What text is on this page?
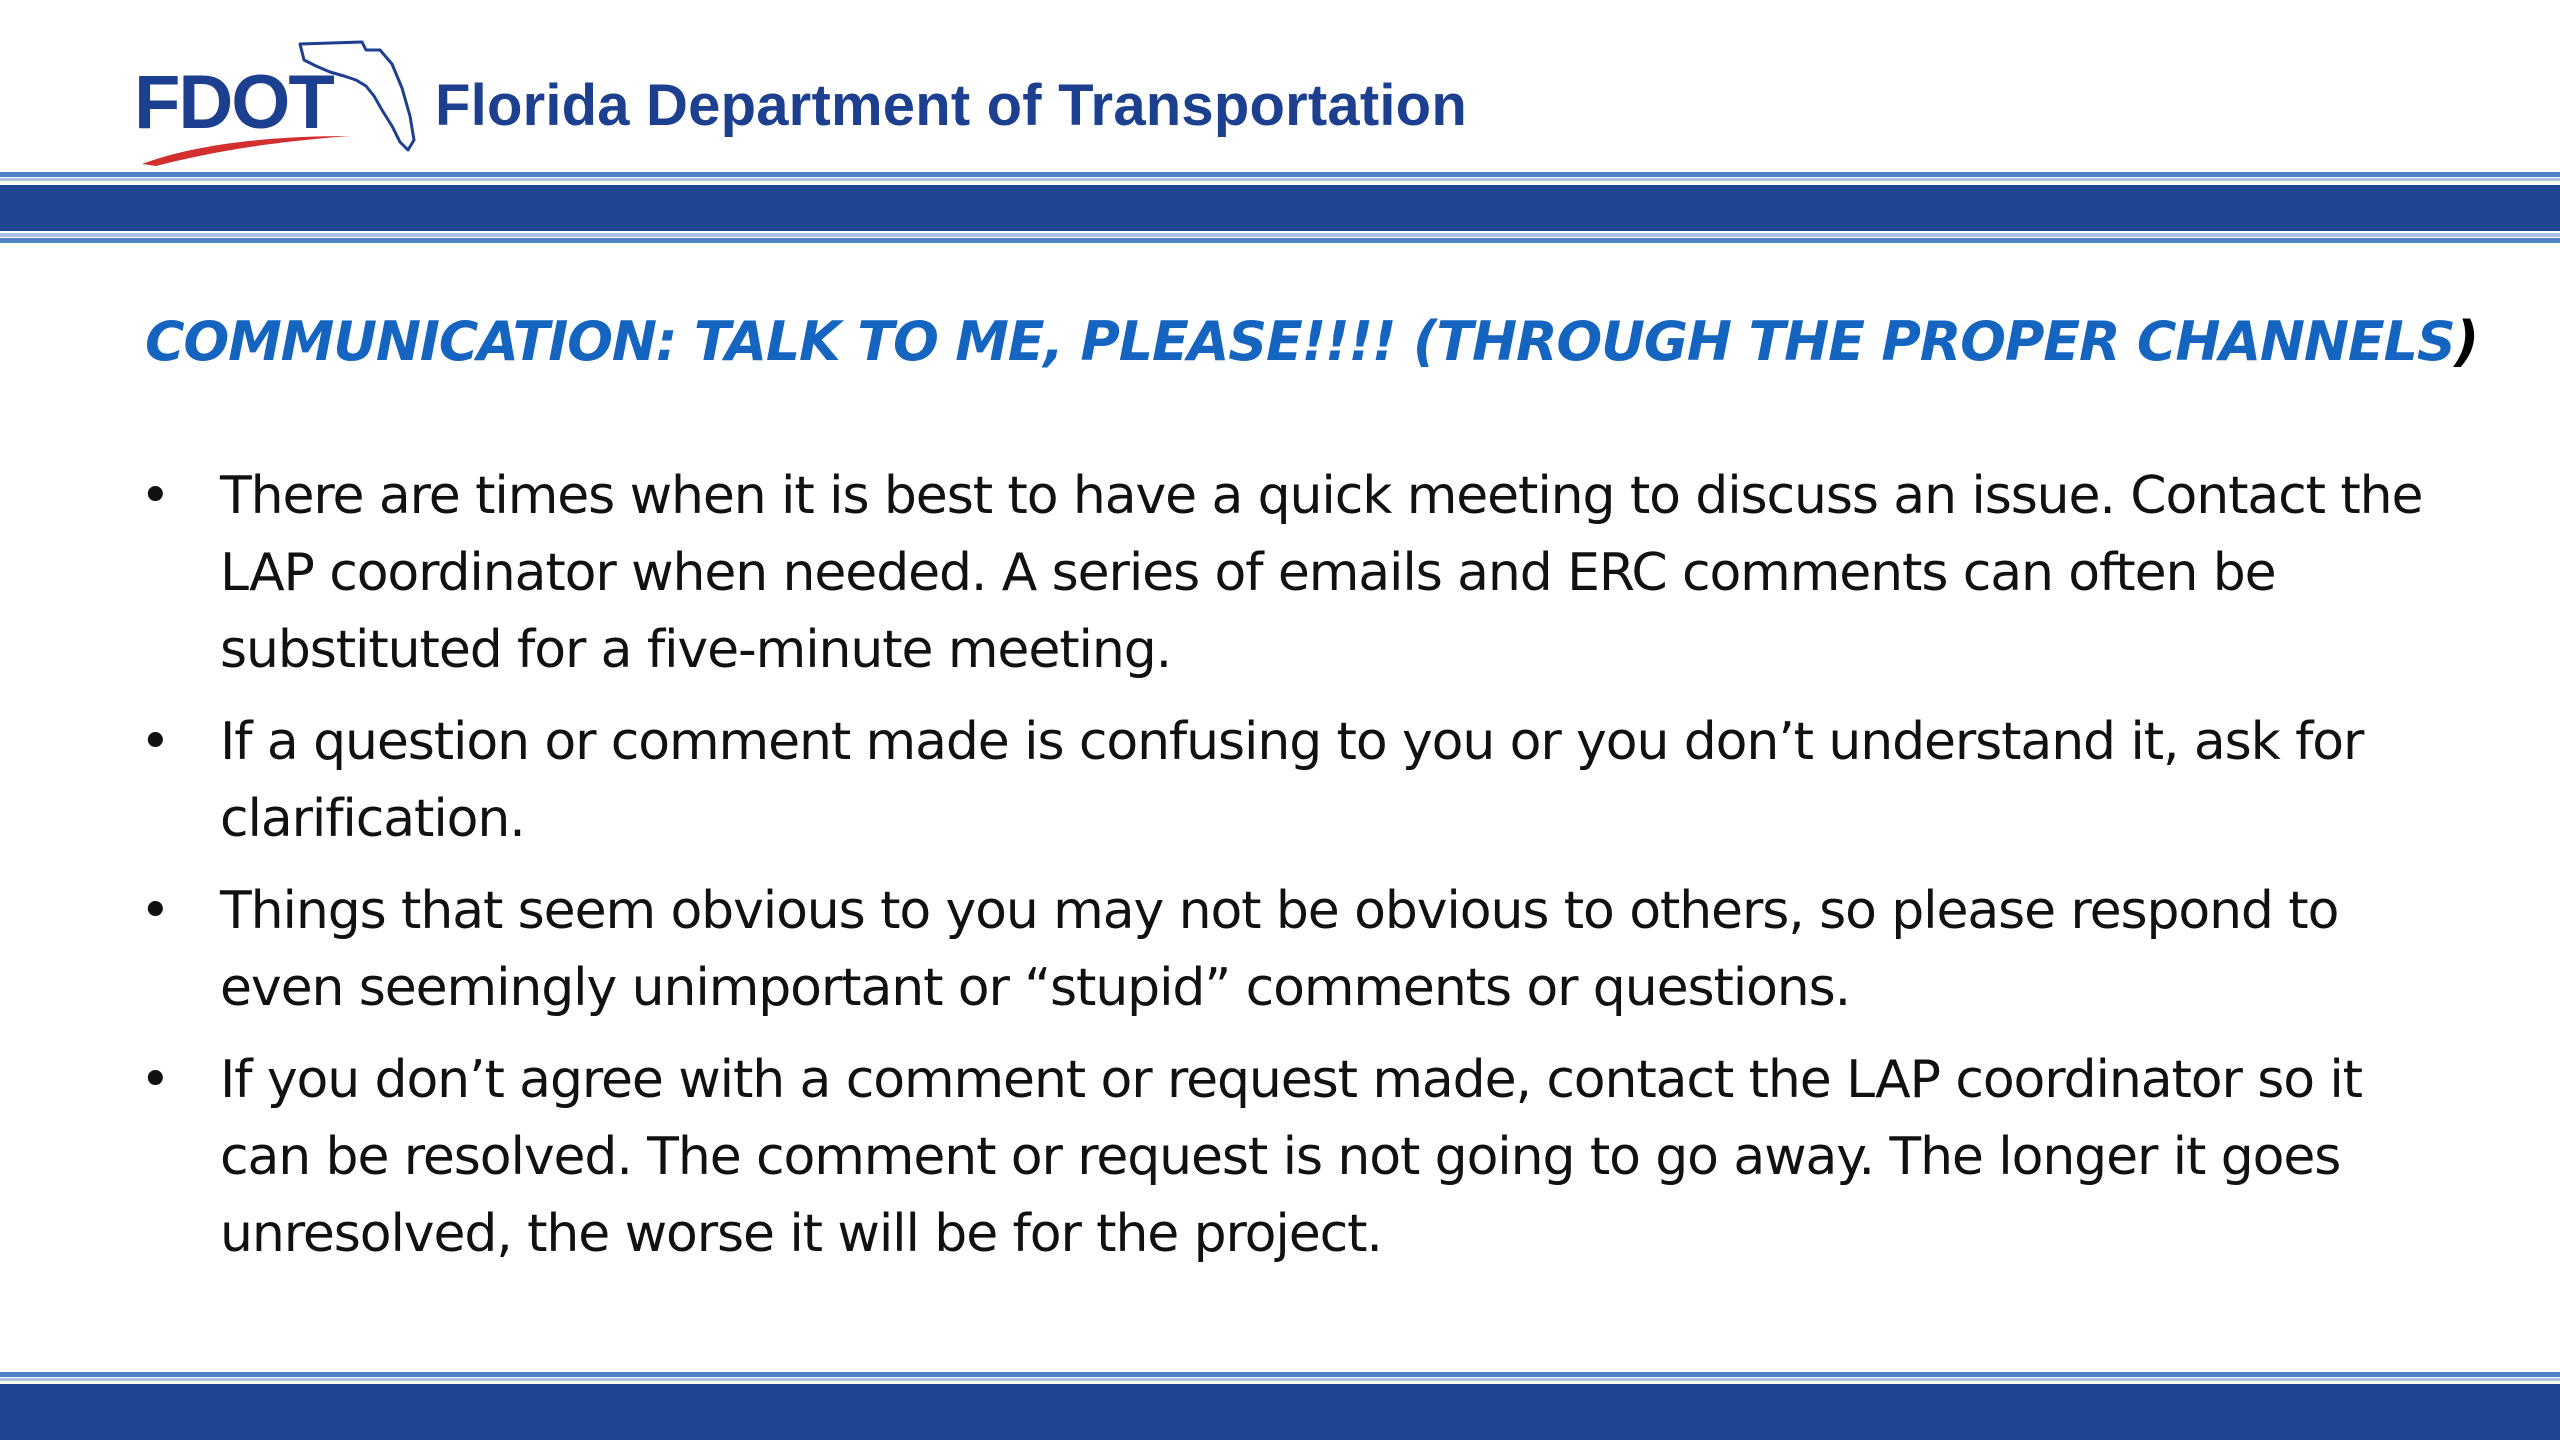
FDOT Florida Department of Transportation
COMMUNICATION: TALK TO ME, PLEASE!!!! (THROUGH THE PROPER CHANNELS)
• There are times when it is best to have a quick meeting to discuss an issue. Contact the LAP coordinator when needed. A series of emails and ERC comments can often be substituted for a five-minute meeting.
• If a question or comment made is confusing to you or you don’t understand it, ask for clarification.
• Things that seem obvious to you may not be obvious to others, so please respond to even seemingly unimportant or “stupid” comments or questions.
• If you don’t agree with a comment or request made, contact the LAP coordinator so it can be resolved. The comment or request is not going to go away. The longer it goes unresolved, the worse it will be for the project.
